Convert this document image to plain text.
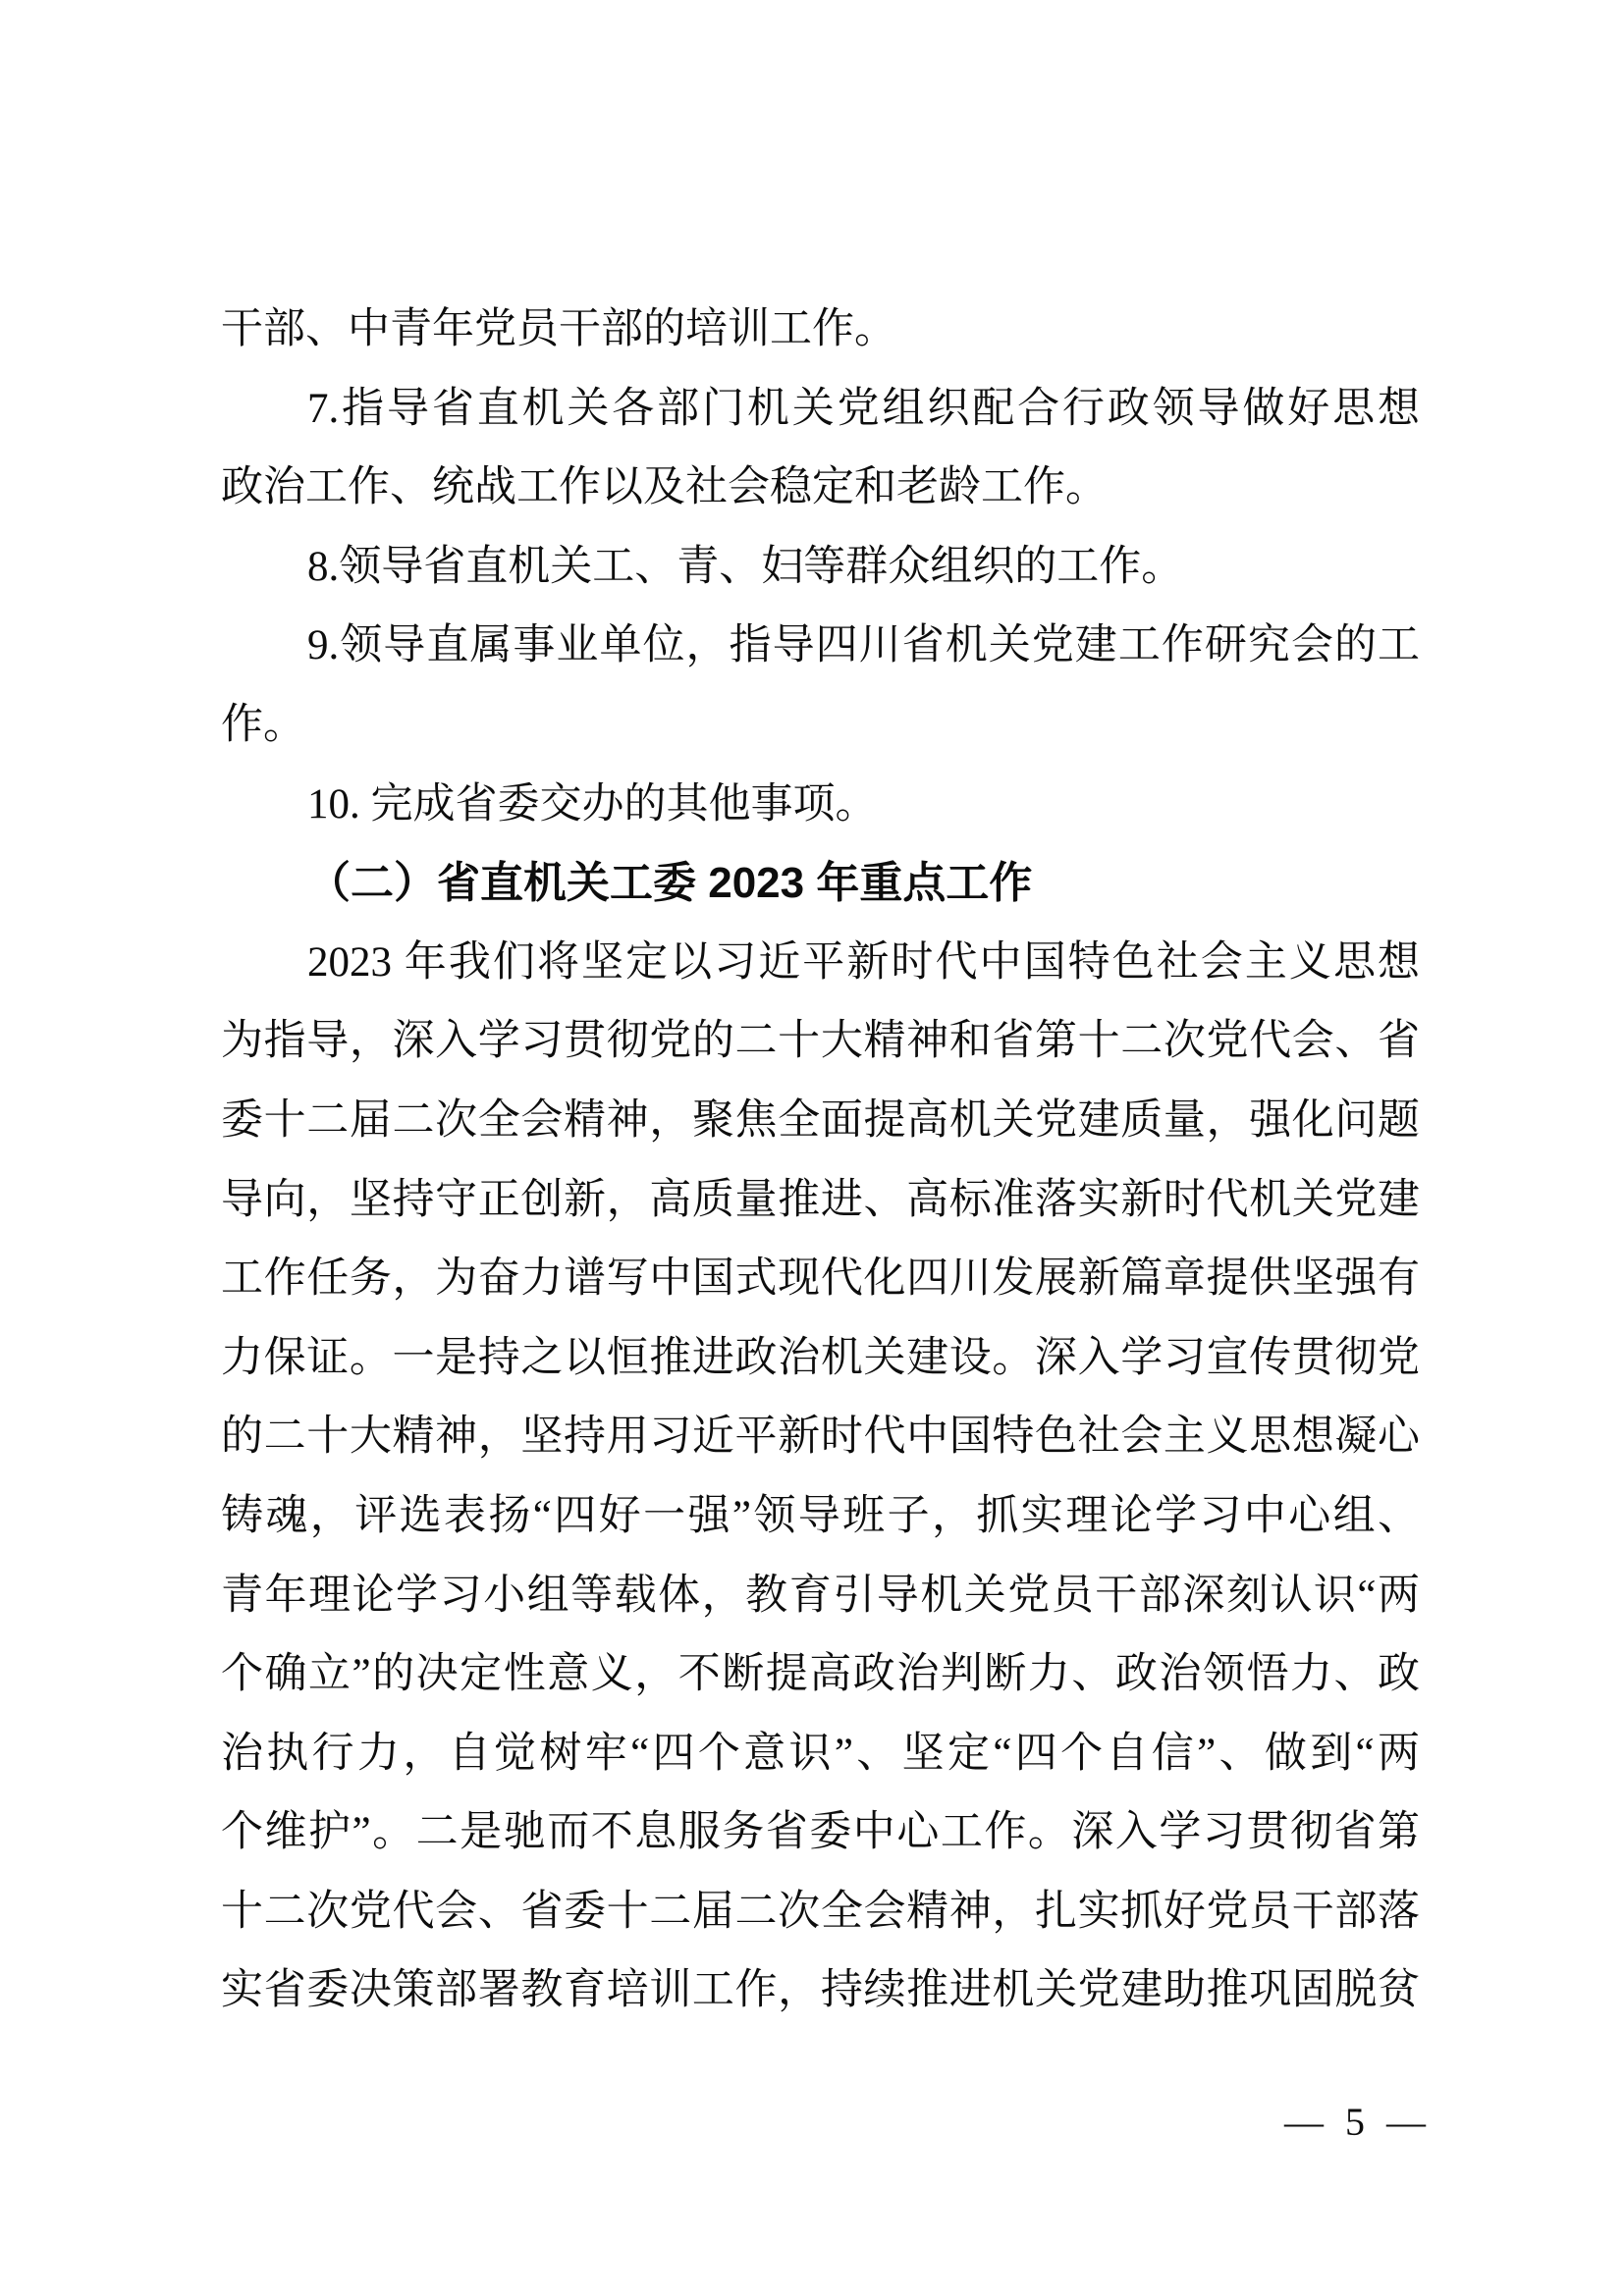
干部、中青年党员干部的培训工作。
7.指导省直机关各部门机关党组织配合行政领导做好思想
政治工作、统战工作以及社会稳定和老龄工作。
8.领导省直机关工、青、妇等群众组织的工作。
9.领导直属事业单位，指导四川省机关党建工作研究会的工
作。
10. 完成省委交办的其他事项。
（二）省直机关工委 2023 年重点工作
2023 年我们将坚定以习近平新时代中国特色社会主义思想
为指导，深入学习贯彻党的二十大精神和省第十二次党代会、省
委十二届二次全会精神，聚焦全面提高机关党建质量，强化问题
导向，坚持守正创新，高质量推进、高标准落实新时代机关党建
工作任务，为奋力谱写中国式现代化四川发展新篇章提供坚强有
力保证。一是持之以恒推进政治机关建设。深入学习宣传贯彻党
的二十大精神，坚持用习近平新时代中国特色社会主义思想凝心
铸魂，评选表扬“四好一强”领导班子，抓实理论学习中心组、
青年理论学习小组等载体，教育引导机关党员干部深刻认识“两
个确立”的决定性意义，不断提高政治判断力、政治领悟力、政
治执行力，自觉树牢“四个意识”、坚定“四个自信”、做到“两
个维护”。二是驰而不息服务省委中心工作。深入学习贯彻省第
十二次党代会、省委十二届二次全会精神，扎实抓好党员干部落
实省委决策部署教育培训工作，持续推进机关党建助推巩固脱贫
— 5 —
